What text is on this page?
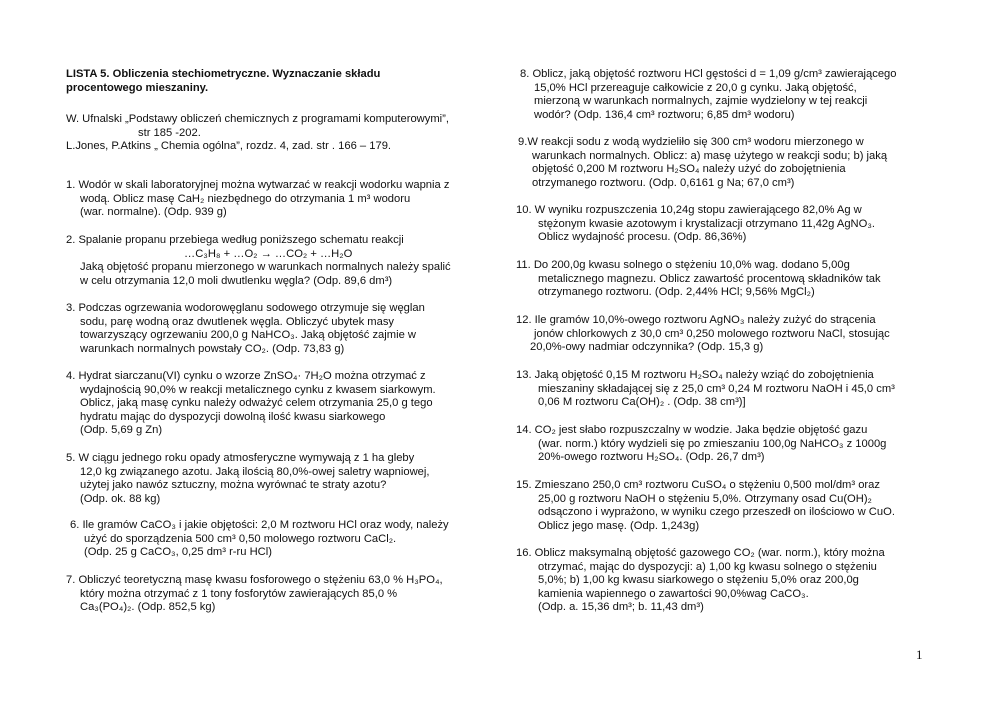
LISTA 5. Obliczenia stechiometryczne. Wyznaczanie składu
procentowego mieszaniny.
W. Ufnalski „Podstawy obliczeń chemicznych z programami komputerowymi”,
str 185 -202.
L.Jones, P.Atkins „ Chemia ogólna”, rozdz. 4, zad. str . 166 – 179.
1. Wodór w skali laboratoryjnej można wytwarzać w reakcji wodorku wapnia z
wodą. Oblicz masę CaH₂ niezbędnego do otrzymania 1 m³ wodoru
(war. normalne). (Odp. 939 g)
2. Spalanie propanu przebiega według poniższego schematu reakcji
…C₃H₈ + …O₂ → …CO₂ + …H₂O
Jaką objętość propanu mierzonego w warunkach normalnych należy spalić
w celu otrzymania 12,0 moli dwutlenku węgla? (Odp. 89,6 dm³)
3. Podczas ogrzewania wodorowęglanu sodowego otrzymuje się węglan
sodu, parę wodną oraz dwutlenek węgla. Obliczyć ubytek masy
towarzyszący ogrzewaniu 200,0 g NaHCO₃. Jaką objętość zajmie w
warunkach normalnych powstały CO₂. (Odp. 73,83 g)
4. Hydrat siarczanu(VI) cynku o wzorze ZnSO₄· 7H₂O można otrzymać z
wydajnością 90,0% w reakcji metalicznego cynku z kwasem siarkowym.
Oblicz, jaką masę cynku należy odważyć celem otrzymania 25,0 g tego
hydratu mając do dyspozycji dowolną ilość kwasu siarkowego
(Odp. 5,69 g Zn)
5. W ciągu jednego roku opady atmosferyczne wymywają z 1 ha gleby
12,0 kg związanego azotu. Jaką ilością 80,0%-owej saletry wapniowej,
użytej jako nawóz sztuczny, można wyrównać te straty azotu?
(Odp. ok. 88 kg)
6. Ile gramów CaCO₃ i jakie objętości: 2,0 M roztworu HCl oraz wody, należy
użyć do sporządzenia 500 cm³ 0,50 molowego roztworu CaCl₂.
(Odp. 25 g CaCO₃, 0,25 dm³ r-ru HCl)
7. Obliczyć teoretyczną masę kwasu fosforowego o stężeniu 63,0 % H₃PO₄,
który można otrzymać z 1 tony fosforytów zawierających 85,0 %
Ca₃(PO₄)₂. (Odp. 852,5 kg)
8. Oblicz, jaką objętość roztworu HCl gęstości d = 1,09 g/cm³ zawierającego
15,0% HCl przereaguje całkowicie z 20,0 g cynku. Jaką objętość,
mierzoną w warunkach normalnych, zajmie wydzielony w tej reakcji
wodór? (Odp. 136,4 cm³ roztworu; 6,85 dm³ wodoru)
9.W reakcji sodu z wodą wydzieliło się 300 cm³ wodoru mierzonego w
warunkach normalnych. Oblicz: a) masę użytego w reakcji sodu; b) jaką
objętość 0,200 M roztworu H₂SO₄ należy użyć do zobojętnienia
otrzymanego roztworu. (Odp. 0,6161 g Na; 67,0 cm³)
10. W wyniku rozpuszczenia 10,24g stopu zawierającego 82,0% Ag w
stężonym kwasie azotowym i krystalizacji otrzymano 11,42g AgNO₃.
Oblicz wydajność procesu. (Odp. 86,36%)
11. Do 200,0g kwasu solnego o stężeniu 10,0% wag. dodano 5,00g
metalicznego magnezu. Oblicz zawartość procentową składników tak
otrzymanego roztworu. (Odp. 2,44% HCl; 9,56% MgCl₂)
12. Ile gramów 10,0%-owego roztworu AgNO₃ należy zużyć do strącenia
jonów chlorkowych z 30,0 cm³ 0,250 molowego roztworu NaCl, stosując
20,0%-owy nadmiar odczynnika? (Odp. 15,3 g)
13. Jaką objętość 0,15 M roztworu H₂SO₄ należy wziąć do zobojętnienia
mieszaniny składającej się z 25,0 cm³ 0,24 M roztworu NaOH i 45,0 cm³
0,06 M roztworu Ca(OH)₂ . (Odp. 38 cm³)]
14. CO₂ jest słabo rozpuszczalny w wodzie. Jaka będzie objętość gazu
(war. norm.) który wydzieli się po zmieszaniu 100,0g NaHCO₃ z 1000g
20%-owego roztworu H₂SO₄. (Odp. 26,7 dm³)
15. Zmieszano 250,0 cm³ roztworu CuSO₄ o stężeniu 0,500 mol/dm³ oraz
25,00 g roztworu NaOH o stężeniu 5,0%. Otrzymany osad Cu(OH)₂
odsączono i wyprażono, w wyniku czego przeszedł on ilościowo w CuO.
Oblicz jego masę. (Odp. 1,243g)
16. Oblicz maksymalną objętość gazowego CO₂ (war. norm.), który można
otrzymać, mając do dyspozycji: a) 1,00 kg kwasu solnego o stężeniu
5,0%; b) 1,00 kg kwasu siarkowego o stężeniu 5,0% oraz 200,0g
kamienia wapiennego o zawartości 90,0%wag CaCO₃.
(Odp. a. 15,36 dm³; b. 11,43 dm³)
1
